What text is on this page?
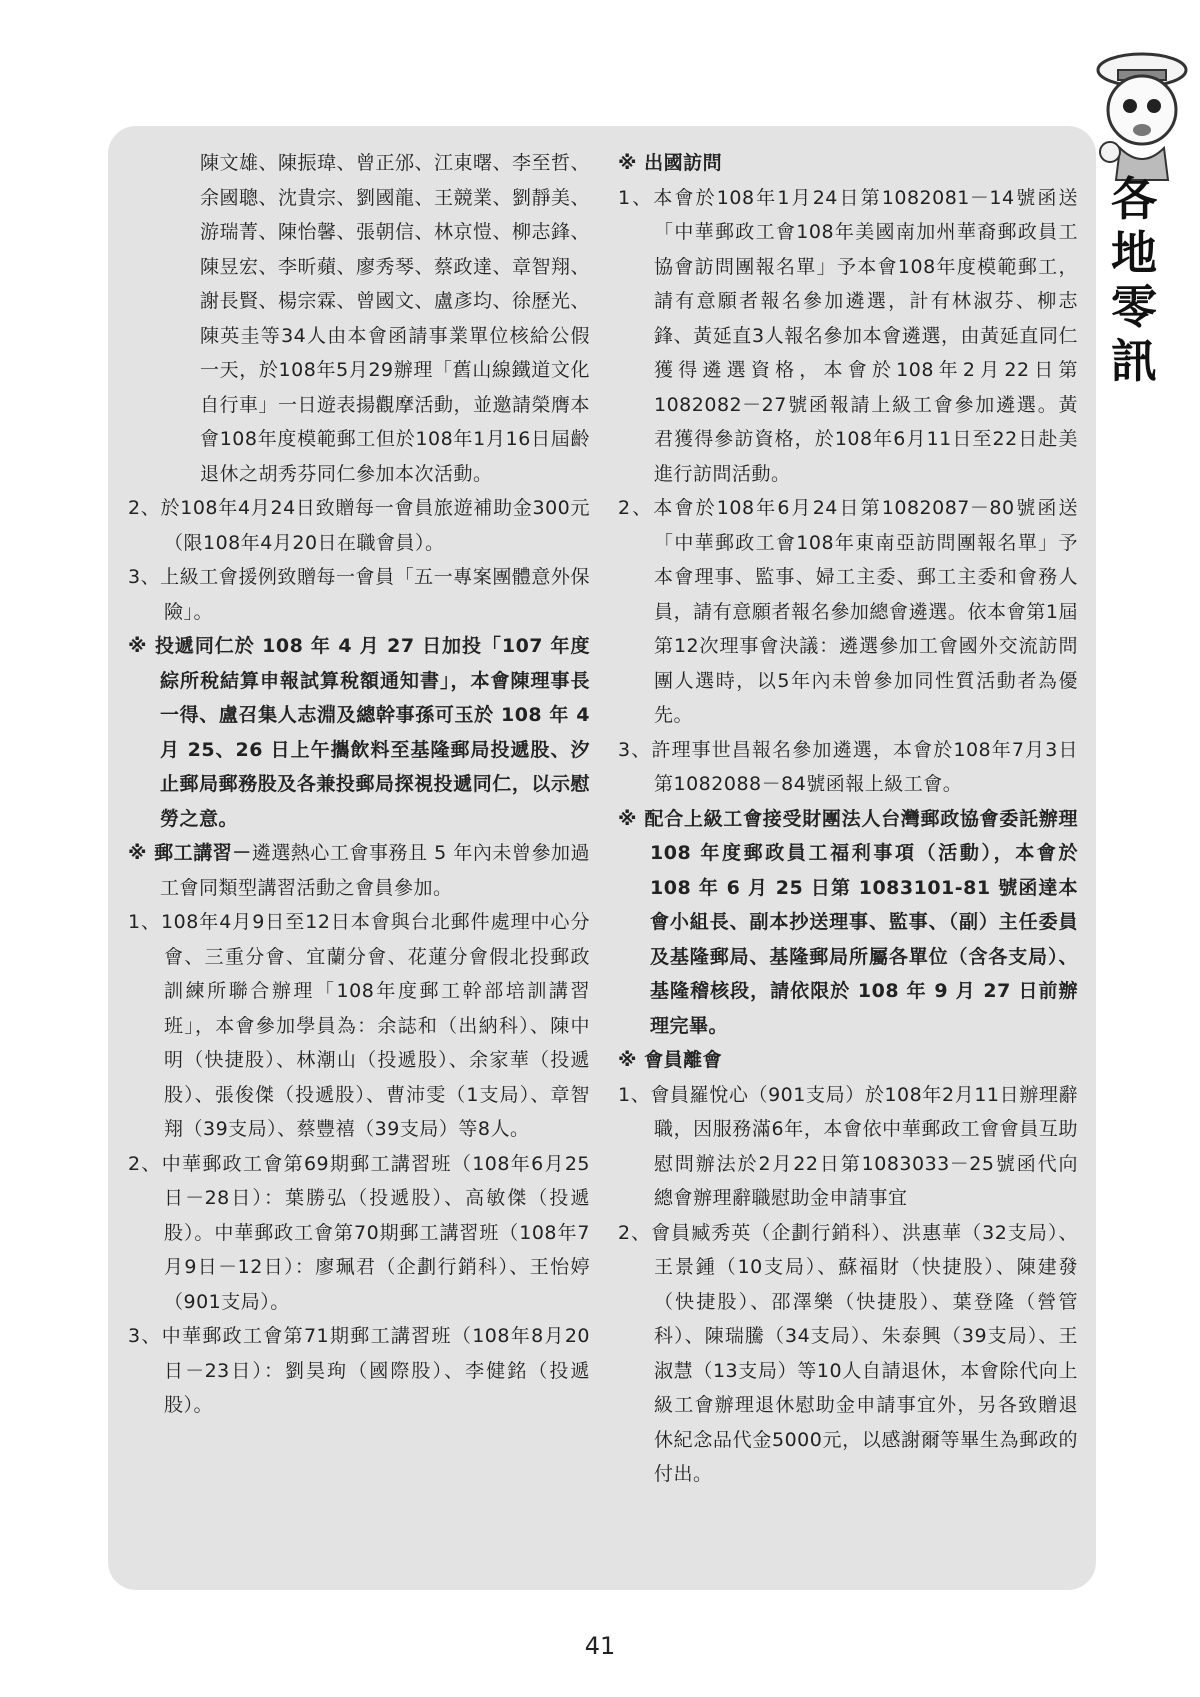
各
地
零
訊

陳文雄、陳振瑋、曾正邠、江東曙、李至哲、余國聰、沈貴宗、劉國龍、王競業、劉靜美、游瑞菁、陳怡馨、張朝信、林京愷、柳志鋒、陳昱宏、李昕蘋、廖秀琴、蔡政達、章智翔、謝長賢、楊宗霖、曾國文、盧彥均、徐歷光、陳英圭等34人由本會函請事業單位核給公假一天，於108年5月29辦理「舊山線鐵道文化自行車」一日遊表揚觀摩活動，並邀請榮膺本會108年度模範郵工但於108年1月16日屆齡退休之胡秀芬同仁參加本次活動。

2、於108年4月24日致贈每一會員旅遊補助金300元（限108年4月20日在職會員）。

3、上級工會援例致贈每一會員「五一專案團體意外保險」。

※ 投遞同仁於 108 年 4 月 27 日加投「107 年度綜所稅結算申報試算稅額通知書」，本會陳理事長一得、盧召集人志淵及總幹事孫可玉於 108 年 4 月 25、26 日上午攜飲料至基隆郵局投遞股、汐止郵局郵務股及各兼投郵局探視投遞同仁，以示慰勞之意。

※ 郵工講習－遴選熱心工會事務且 5 年內未曾參加過工會同類型講習活動之會員參加。

1、108年4月9日至12日本會與台北郵件處理中心分會、三重分會、宜蘭分會、花蓮分會假北投郵政訓練所聯合辦理「108年度郵工幹部培訓講習班」，本會參加學員為：余誌和（出納科）、陳中明（快捷股）、林潮山（投遞股）、余家華（投遞股）、張俊傑（投遞股）、曹沛雯（1支局）、章智翔（39支局）、蔡豐禧（39支局）等8人。

2、中華郵政工會第69期郵工講習班（108年6月25日－28日）：葉勝弘（投遞股）、高敏傑（投遞股）。中華郵政工會第70期郵工講習班（108年7月9日－12日）：廖珮君（企劃行銷科）、王怡婷（901支局）。

3、中華郵政工會第71期郵工講習班（108年8月20日－23日）：劉昊珣（國際股）、李健銘（投遞股）。

※ 出國訪問

1、本會於108年1月24日第1082081－14號函送「中華郵政工會108年美國南加州華裔郵政員工協會訪問團報名單」予本會108年度模範郵工，請有意願者報名參加遴選，計有林淑芬、柳志鋒、黃延直3人報名參加本會遴選，由黃延直同仁獲得遴選資格，本會於108年2月22日第1082082－27號函報請上級工會參加遴選。黃君獲得參訪資格，於108年6月11日至22日赴美進行訪問活動。

2、本會於108年6月24日第1082087－80號函送「中華郵政工會108年東南亞訪問團報名單」予本會理事、監事、婦工主委、郵工主委和會務人員，請有意願者報名參加總會遴選。依本會第1屆第12次理事會決議：遴選參加工會國外交流訪問團人選時，以5年內未曾參加同性質活動者為優先。

3、許理事世昌報名參加遴選，本會於108年7月3日第1082088－84號函報上級工會。

※ 配合上級工會接受財團法人台灣郵政協會委託辦理 108 年度郵政員工福利事項（活動），本會於 108 年 6 月 25 日第 1083101-81 號函達本會小組長、副本抄送理事、監事、（副）主任委員及基隆郵局、基隆郵局所屬各單位（含各支局）、基隆稽核段，請依限於 108 年 9 月 27 日前辦理完畢。

※ 會員離會

1、會員羅悅心（901支局）於108年2月11日辦理辭職，因服務滿6年，本會依中華郵政工會會員互助慰問辦法於2月22日第1083033－25號函代向總會辦理辭職慰助金申請事宜

2、會員臧秀英（企劃行銷科）、洪惠華（32支局）、王景鍾（10支局）、蘇福財（快捷股）、陳建發（快捷股）、邵澤樂（快捷股）、葉登隆（營管科）、陳瑞騰（34支局）、朱泰興（39支局）、王淑慧（13支局）等10人自請退休，本會除代向上級工會辦理退休慰助金申請事宜外，另各致贈退休紀念品代金5000元，以感謝爾等畢生為郵政的付出。

41
